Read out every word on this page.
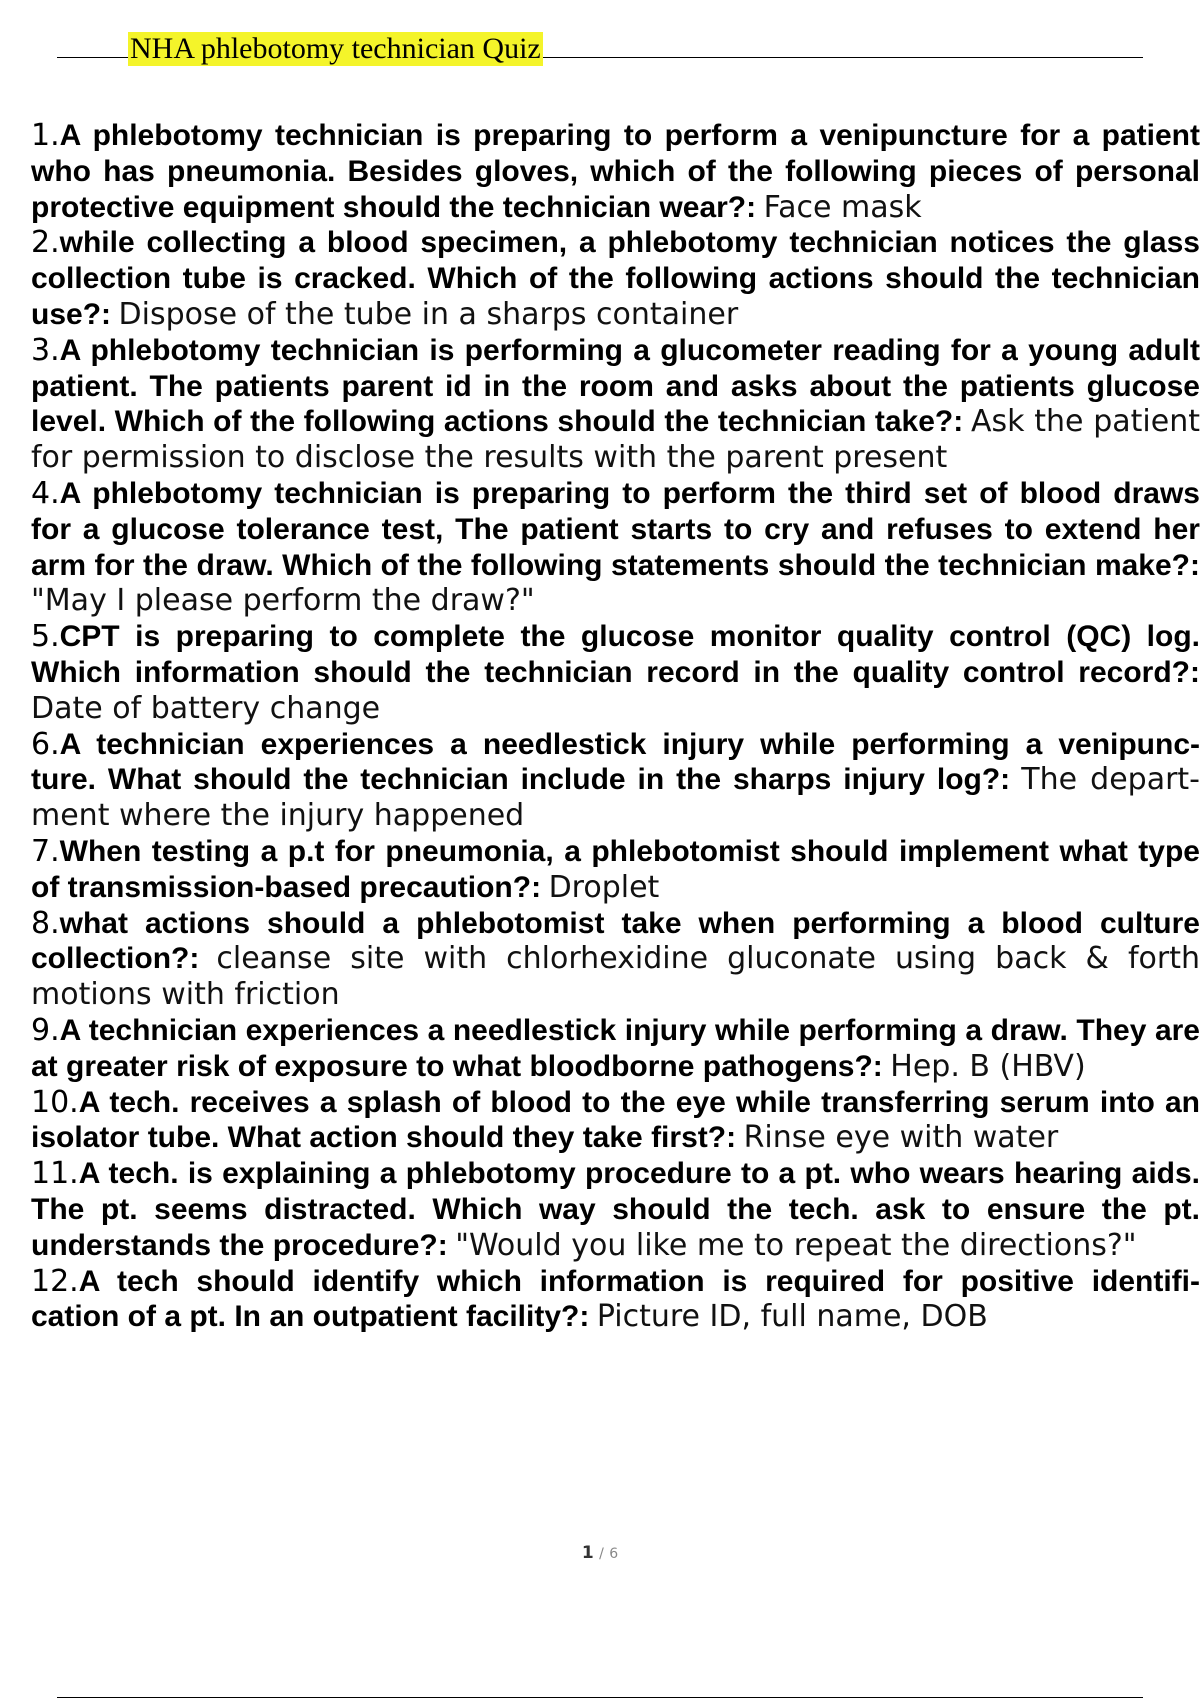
NHA phlebotomy technician Quiz

1.A phlebotomy technician is preparing to perform a venipuncture for a patient who has pneumonia. Besides gloves, which of the following pieces of personal protective equipment should the technician wear?: Face mask

2.while collecting a blood specimen, a phlebotomy technician notices the glass collection tube is cracked. Which of the following actions should the technician use?: Dispose of the tube in a sharps container

3.A phlebotomy technician is performing a glucometer reading for a young adult patient. The patients parent id in the room and asks about the patients glucose level. Which of the following actions should the technician take?: Ask the patient for permission to disclose the results with the parent present

4.A phlebotomy technician is preparing to perform the third set of blood draws for a glucose tolerance test, The patient starts to cry and refuses to extend her arm for the draw. Which of the following statements should the technician make?: "May I please perform the draw?"

5.CPT is preparing to complete the glucose monitor quality control (QC) log. Which information should the technician record in the quality control record?: Date of battery change

6.A technician experiences a needlestick injury while performing a venipunc- ture. What should the technician include in the sharps injury log?: The depart- ment where the injury happened

7.When testing a p.t for pneumonia, a phlebotomist should implement what type of transmission-based precaution?: Droplet

8.what actions should a phlebotomist take when performing a blood culture collection?: cleanse site with chlorhexidine gluconate using back & forth motions with friction

9.A technician experiences a needlestick injury while performing a draw. They are at greater risk of exposure to what bloodborne pathogens?: Hep. B (HBV)

10.A tech. receives a splash of blood to the eye while transferring serum into an isolator tube. What action should they take first?: Rinse eye with water

11.A tech. is explaining a phlebotomy procedure to a pt. who wears hearing aids. The pt. seems distracted. Which way should the tech. ask to ensure the pt. understands the procedure?: "Would you like me to repeat the directions?"

12.A tech should identify which information is required for positive identifi- cation of a pt. In an outpatient facility?: Picture ID, full name, DOB

1 / 6
